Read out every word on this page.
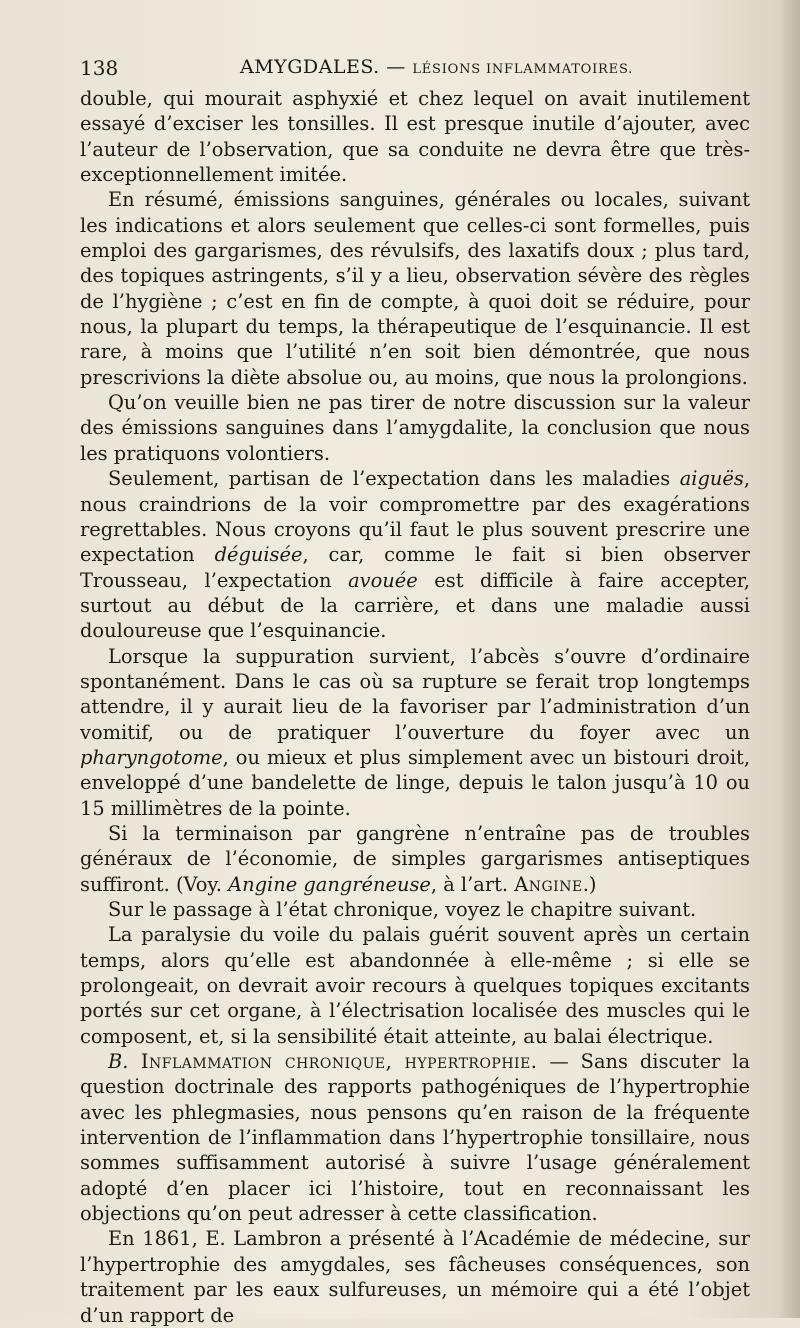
138	AMYGDALES. — LÉSIONS INFLAMMATOIRES.

double, qui mourait asphyxié et chez lequel on avait inutilement essayé d’exciser les tonsilles. Il est presque inutile d’ajouter, avec l’auteur de l’observation, que sa conduite ne devra être que très-exceptionnellement imitée.

En résumé, émissions sanguines, générales ou locales, suivant les indications et alors seulement que celles-ci sont formelles, puis emploi des gargarismes, des révulsifs, des laxatifs doux ; plus tard, des topiques astringents, s’il y a lieu, observation sévère des règles de l’hygiène ; c’est en fin de compte, à quoi doit se réduire, pour nous, la plupart du temps, la thérapeutique de l’esquinancie. Il est rare, à moins que l’utilité n’en soit bien démontrée, que nous prescrivions la diète absolue ou, au moins, que nous la prolongions.

Qu’on veuille bien ne pas tirer de notre discussion sur la valeur des émissions sanguines dans l’amygdalite, la conclusion que nous les pratiquons volontiers.

Seulement, partisan de l’expectation dans les maladies aiguës, nous craindrions de la voir compromettre par des exagérations regrettables. Nous croyons qu’il faut le plus souvent prescrire une expectation déguisée, car, comme le fait si bien observer Trousseau, l’expectation avouée est difficile à faire accepter, surtout au début de la carrière, et dans une maladie aussi douloureuse que l’esquinancie.

Lorsque la suppuration survient, l’abcès s’ouvre d’ordinaire spontanément. Dans le cas où sa rupture se ferait trop longtemps attendre, il y aurait lieu de la favoriser par l’administration d’un vomitif, ou de pratiquer l’ouverture du foyer avec un pharyngotome, ou mieux et plus simplement avec un bistouri droit, enveloppé d’une bandelette de linge, depuis le talon jusqu’à 10 ou 15 millimètres de la pointe.

Si la terminaison par gangrène n’entraîne pas de troubles généraux de l’économie, de simples gargarismes antiseptiques suffiront. (Voy. Angine gangréneuse, à l’art. Angine.)

Sur le passage à l’état chronique, voyez le chapitre suivant.

La paralysie du voile du palais guérit souvent après un certain temps, alors qu’elle est abandonnée à elle-même ; si elle se prolongeait, on devrait avoir recours à quelques topiques excitants portés sur cet organe, à l’électrisation localisée des muscles qui le composent, et, si la sensibilité était atteinte, au balai électrique.

B. Inflammation chronique, hypertrophie. — Sans discuter la question doctrinale des rapports pathogéniques de l’hypertrophie avec les phlegmasies, nous pensons qu’en raison de la fréquente intervention de l’inflammation dans l’hypertrophie tonsillaire, nous sommes suffisamment autorisé à suivre l’usage généralement adopté d’en placer ici l’histoire, tout en reconnaissant les objections qu’on peut adresser à cette classification.

En 1861, E. Lambron a présenté à l’Académie de médecine, sur l’hypertrophie des amygdales, ses fâcheuses conséquences, son traitement par les eaux sulfureuses, un mémoire qui a été l’objet d’un rapport de
